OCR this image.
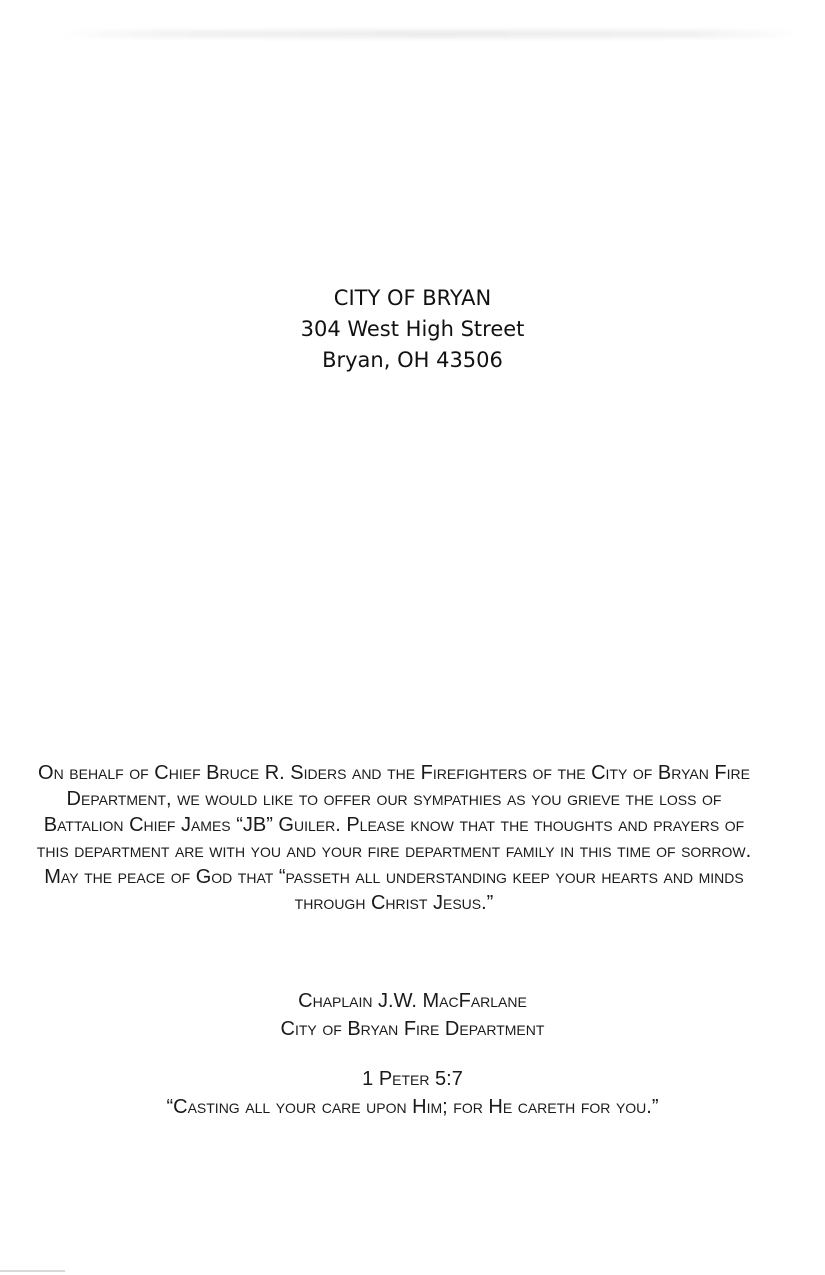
CITY OF BRYAN
304 West High Street
Bryan, OH 43506
On behalf of Chief Bruce R. Siders and the Firefighters of the City of Bryan Fire Department, we would like to offer our sympathies as you grieve the loss of Battalion Chief James “JB” Guiler. Please know that the thoughts and prayers of this department are with you and your fire department family in this time of sorrow. May the peace of God that “passeth all understanding keep your hearts and minds through Christ Jesus.”
Chaplain J.W. MacFarlane
City of Bryan Fire Department
1 Peter 5:7
“Casting all your care upon Him; for He careth for you.”
